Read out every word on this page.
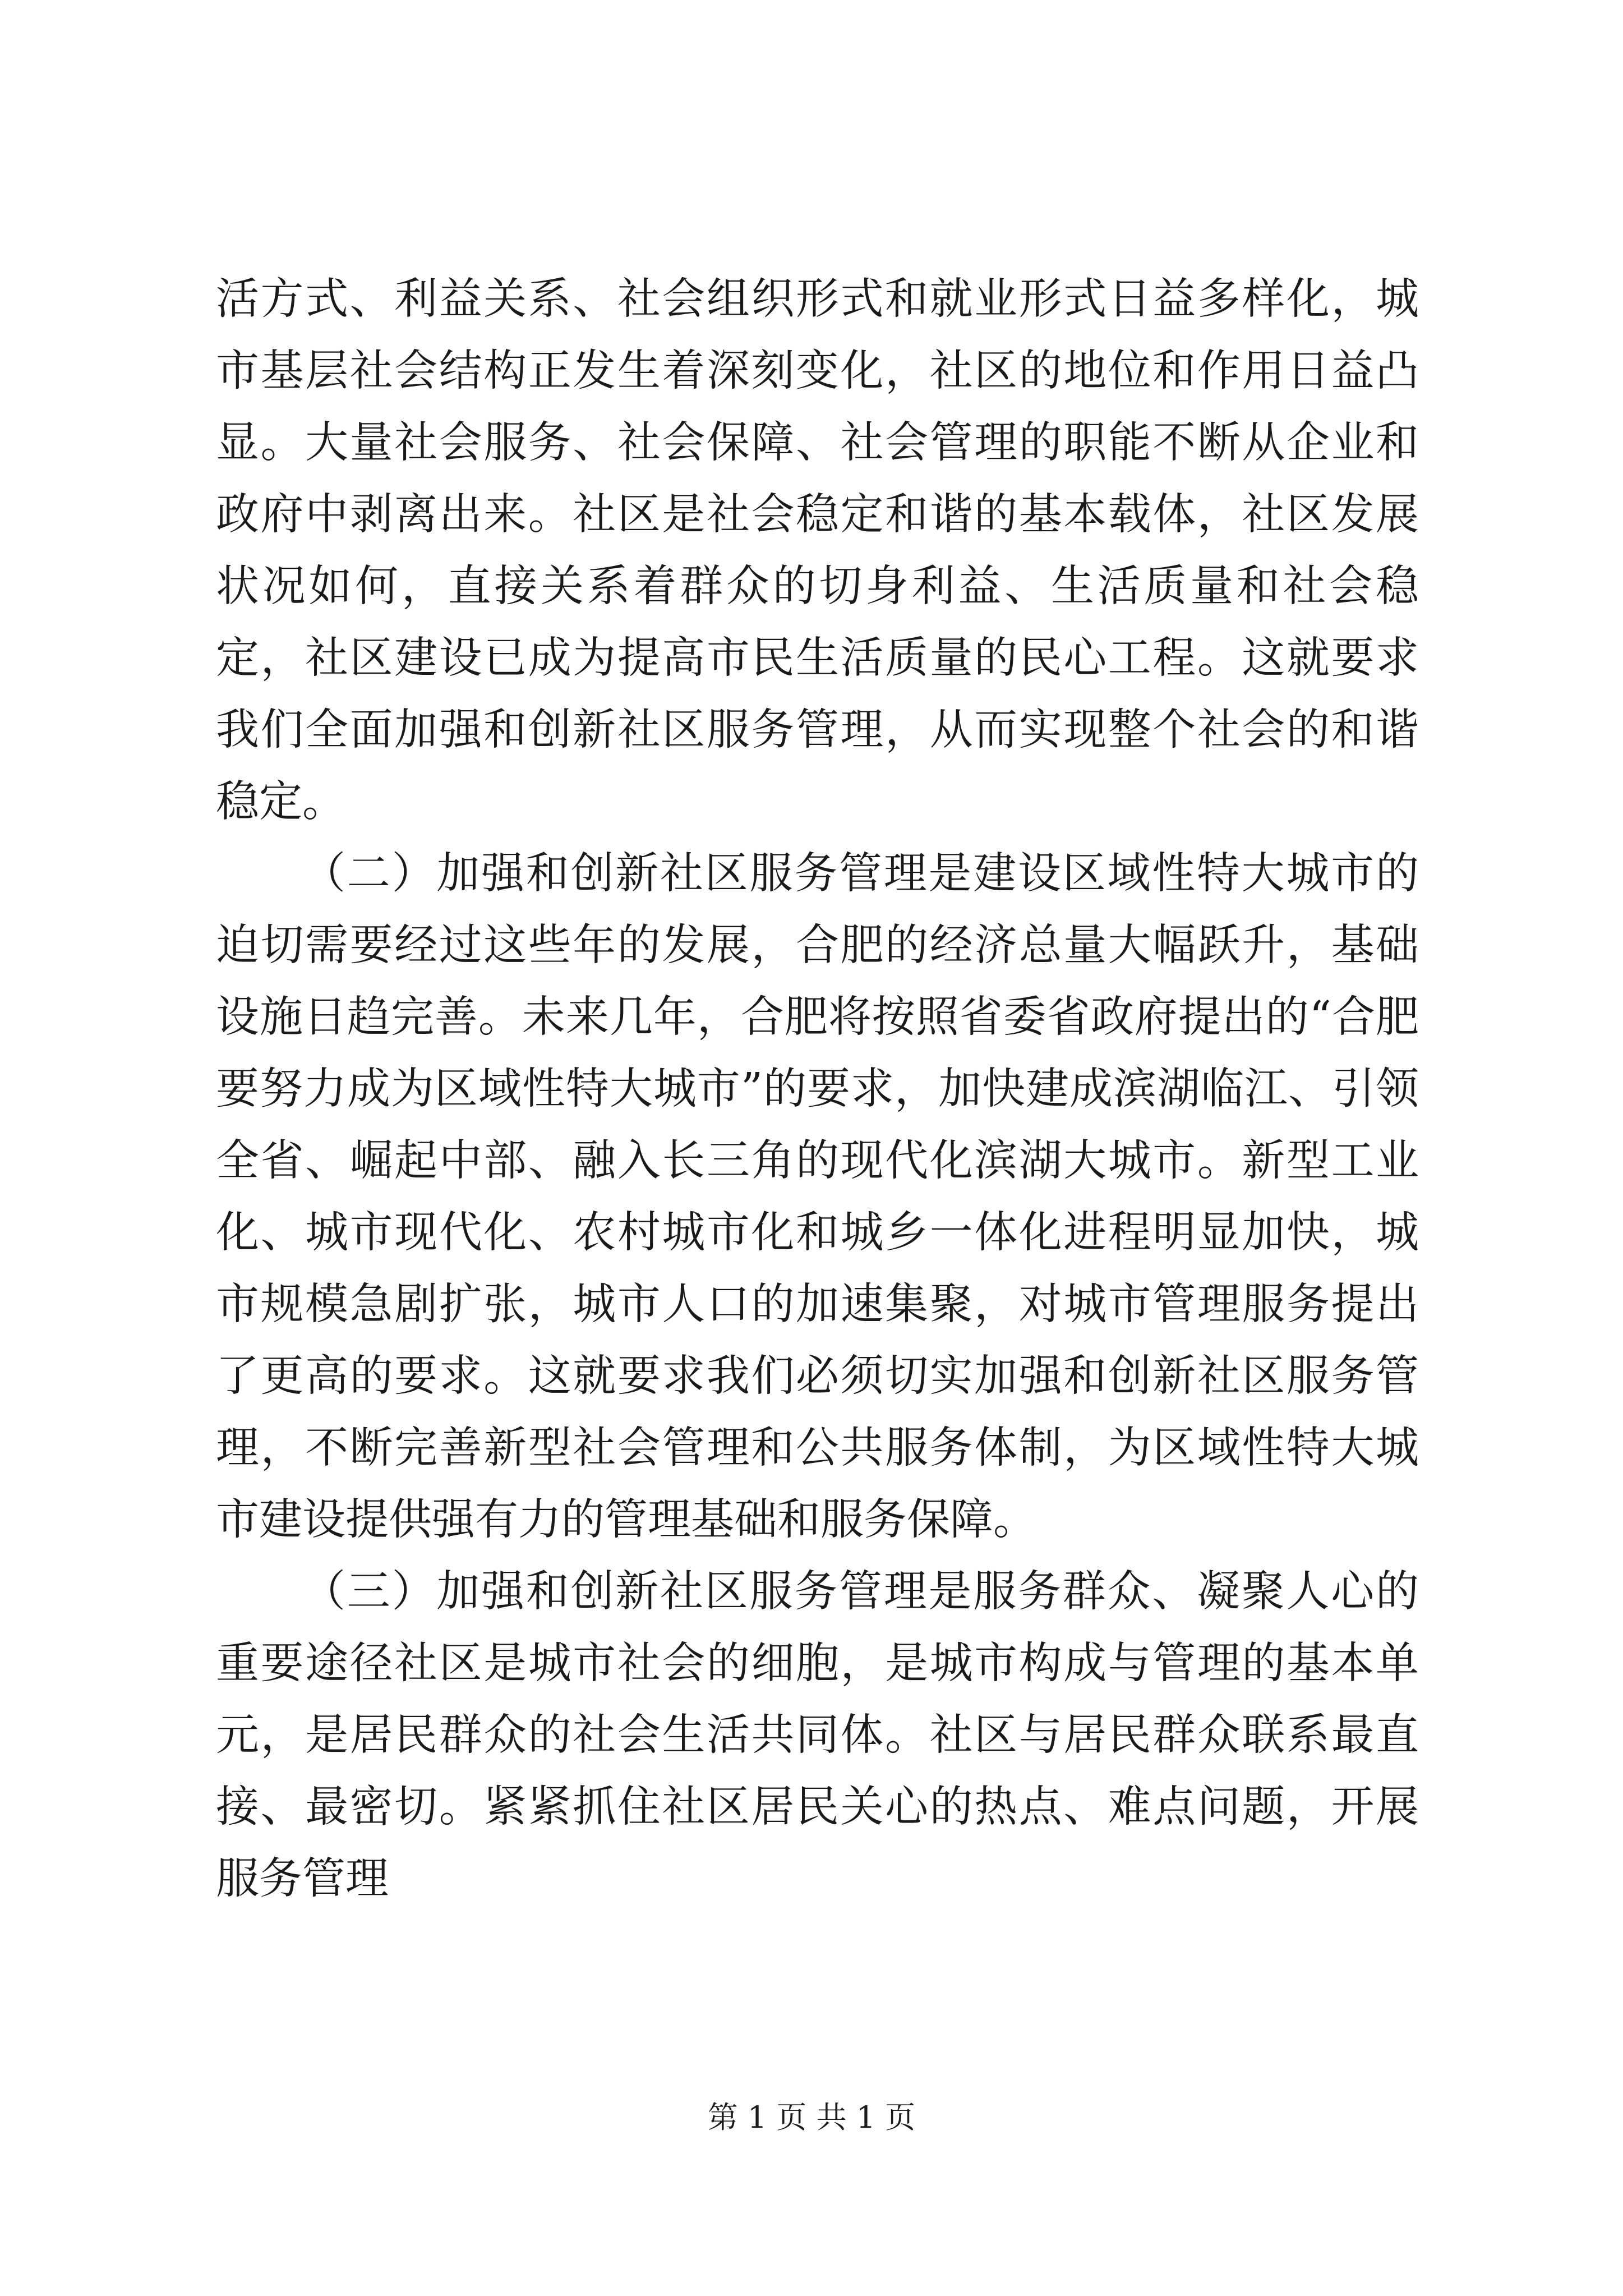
活方式、利益关系、社会组织形式和就业形式日益多样化，城市基层社会结构正发生着深刻变化，社区的地位和作用日益凸显。大量社会服务、社会保障、社会管理的职能不断从企业和政府中剥离出来。社区是社会稳定和谐的基本载体，社区发展状况如何，直接关系着群众的切身利益、生活质量和社会稳定，社区建设已成为提高市民生活质量的民心工程。这就要求我们全面加强和创新社区服务管理，从而实现整个社会的和谐稳定。

（二）加强和创新社区服务管理是建设区域性特大城市的迫切需要经过这些年的发展，合肥的经济总量大幅跃升，基础设施日趋完善。未来几年，合肥将按照省委省政府提出的“合肥要努力成为区域性特大城市”的要求，加快建成滨湖临江、引领全省、崛起中部、融入长三角的现代化滨湖大城市。新型工业化、城市现代化、农村城市化和城乡一体化进程明显加快，城市规模急剧扩张，城市人口的加速集聚，对城市管理服务提出了更高的要求。这就要求我们必须切实加强和创新社区服务管理，不断完善新型社会管理和公共服务体制，为区域性特大城市建设提供强有力的管理基础和服务保障。

（三）加强和创新社区服务管理是服务群众、凝聚人心的重要途径社区是城市社会的细胞，是城市构成与管理的基本单元，是居民群众的社会生活共同体。社区与居民群众联系最直接、最密切。紧紧抓住社区居民关心的热点、难点问题，开展服务管理

第 1 页 共 1 页
